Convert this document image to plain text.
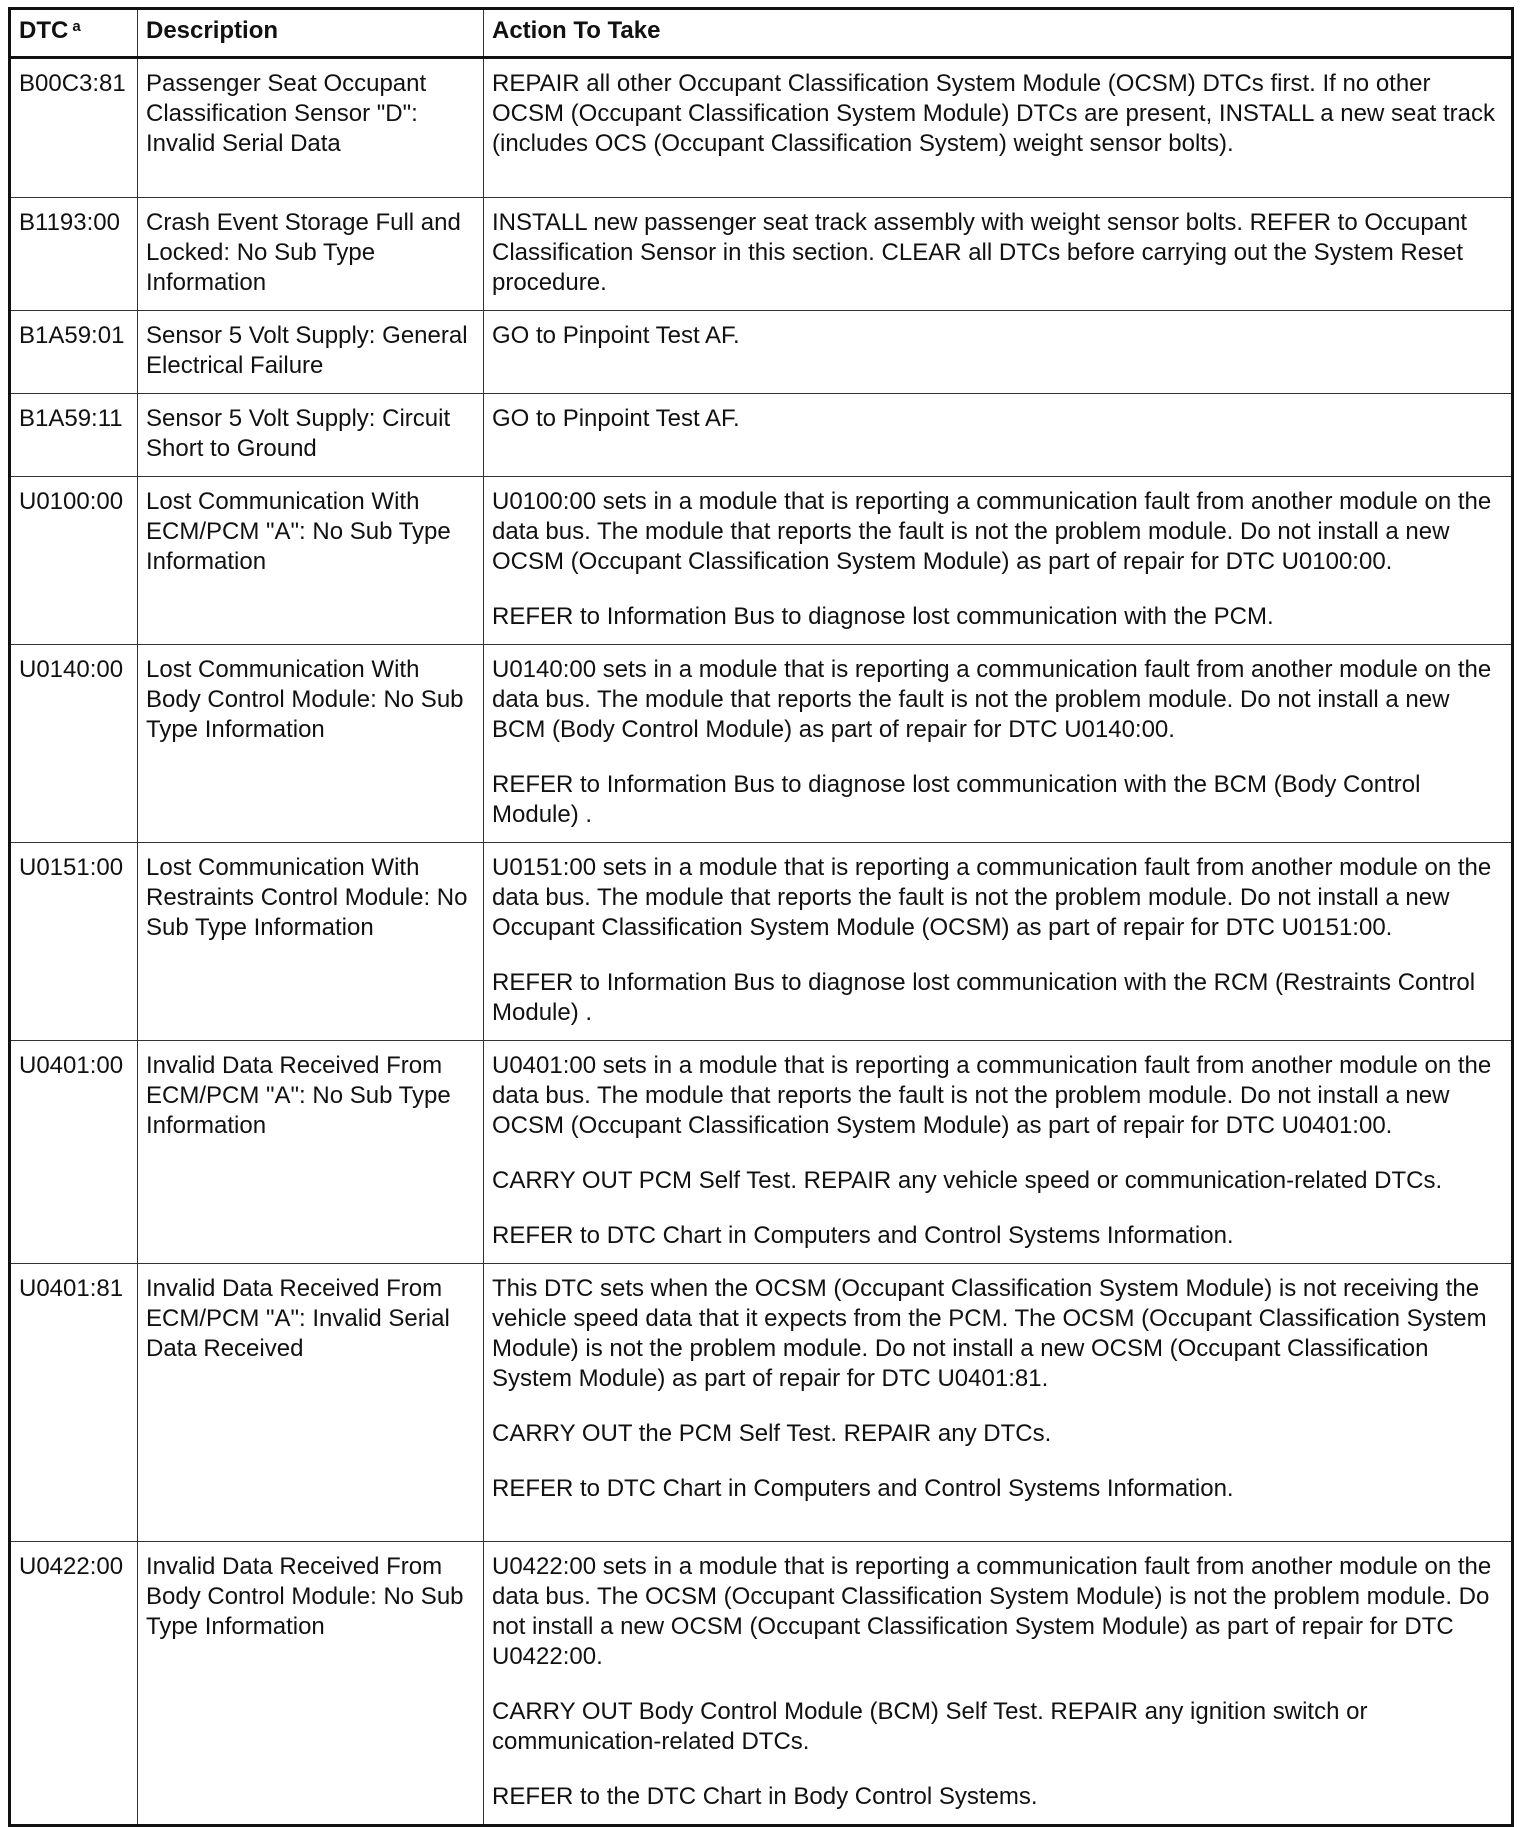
DTC $^a$	Description	Action To Take
B00C3:81	Passenger Seat Occupant Classification Sensor "D": Invalid Serial Data	REPAIR all other Occupant Classification System Module (OCSM) DTCs first. If no other OCSM (Occupant Classification System Module) DTCs are present, INSTALL a new seat track (includes OCS (Occupant Classification System) weight sensor bolts).

B1193:00	Crash Event Storage Full and Locked: No Sub Type Information	INSTALL new passenger seat track assembly with weight sensor bolts. REFER to Occupant Classification Sensor in this section. CLEAR all DTCs before carrying out the System Reset procedure.

B1A59:01	Sensor 5 Volt Supply: General Electrical Failure	GO to Pinpoint Test AF.

B1A59:11	Sensor 5 Volt Supply: Circuit Short to Ground	GO to Pinpoint Test AF.

U0100:00	Lost Communication With ECM/PCM "A": No Sub Type Information	U0100:00 sets in a module that is reporting a communication fault from another module on the data bus. The module that reports the fault is not the problem module. Do not install a new OCSM (Occupant Classification System Module) as part of repair for DTC U0100:00.

REFER to Information Bus to diagnose lost communication with the PCM.

U0140:00	Lost Communication With Body Control Module: No Sub Type Information	U0140:00 sets in a module that is reporting a communication fault from another module on the data bus. The module that reports the fault is not the problem module. Do not install a new BCM (Body Control Module) as part of repair for DTC U0140:00.

REFER to Information Bus to diagnose lost communication with the BCM (Body Control Module) .

U0151:00	Lost Communication With Restraints Control Module: No Sub Type Information	U0151:00 sets in a module that is reporting a communication fault from another module on the data bus. The module that reports the fault is not the problem module. Do not install a new Occupant Classification System Module (OCSM) as part of repair for DTC U0151:00.

REFER to Information Bus to diagnose lost communication with the RCM (Restraints Control Module) .

U0401:00	Invalid Data Received From ECM/PCM "A": No Sub Type Information	U0401:00 sets in a module that is reporting a communication fault from another module on the data bus. The module that reports the fault is not the problem module. Do not install a new OCSM (Occupant Classification System Module) as part of repair for DTC U0401:00.

CARRY OUT PCM Self Test. REPAIR any vehicle speed or communication-related DTCs.

REFER to DTC Chart in Computers and Control Systems Information.

U0401:81	Invalid Data Received From ECM/PCM "A": Invalid Serial Data Received	This DTC sets when the OCSM (Occupant Classification System Module) is not receiving the vehicle speed data that it expects from the PCM. The OCSM (Occupant Classification System Module) is not the problem module. Do not install a new OCSM (Occupant Classification System Module) as part of repair for DTC U0401:81.

CARRY OUT the PCM Self Test. REPAIR any DTCs.

REFER to DTC Chart in Computers and Control Systems Information.

U0422:00	Invalid Data Received From Body Control Module: No Sub Type Information	U0422:00 sets in a module that is reporting a communication fault from another module on the data bus. The OCSM (Occupant Classification System Module) is not the problem module. Do not install a new OCSM (Occupant Classification System Module) as part of repair for DTC U0422:00.

CARRY OUT Body Control Module (BCM) Self Test. REPAIR any ignition switch or communication-related DTCs.

REFER to the DTC Chart in Body Control Systems.
